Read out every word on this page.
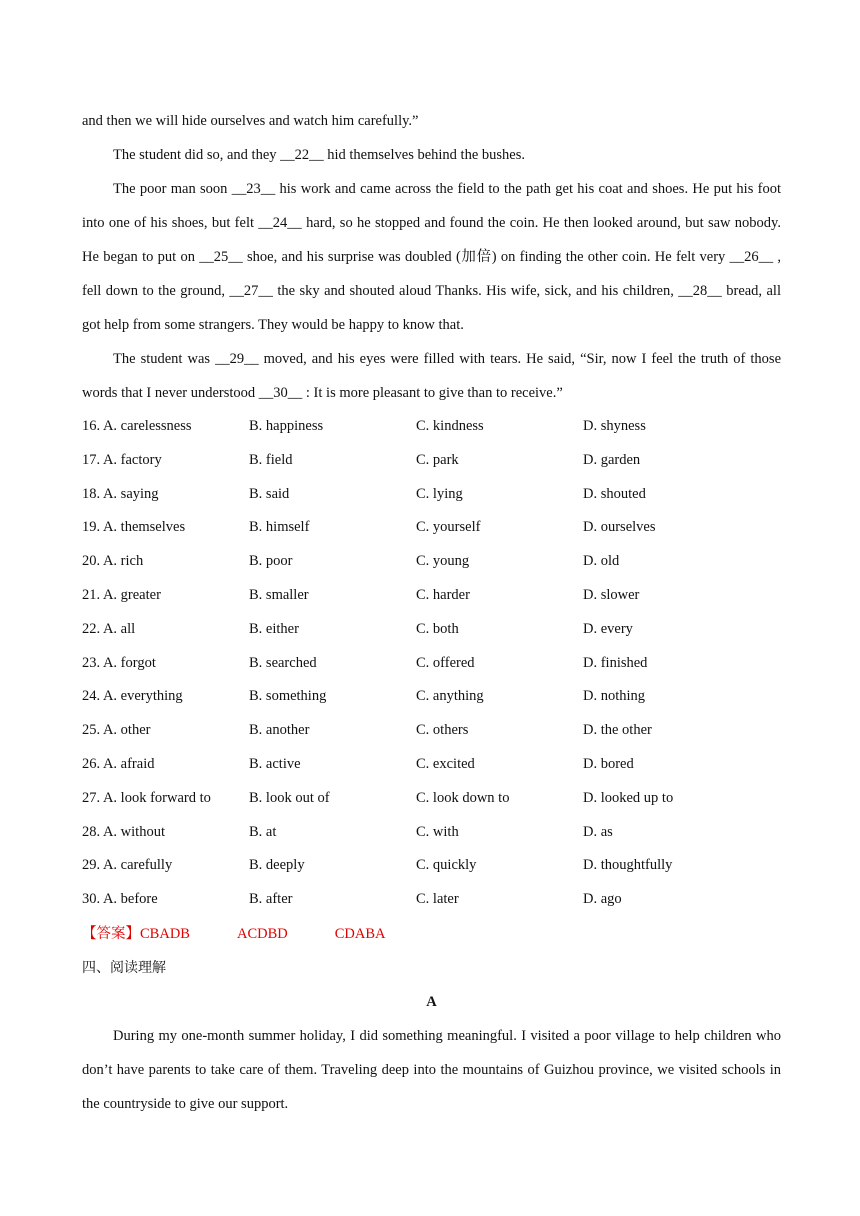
and then we will hide ourselves and watch him carefully.”

The student did so, and they __22__ hid themselves behind the bushes.

The poor man soon __23__ his work and came across the field to the path get his coat and shoes. He put his foot into one of his shoes, but felt __24__ hard, so he stopped and found the coin. He then looked around, but saw nobody. He began to put on __25__ shoe, and his surprise was doubled (加倍) on finding the other coin. He felt very __26__ , fell down to the ground, __27__ the sky and shouted aloud Thanks. His wife, sick, and his children, __28__ bread, all got help from some strangers. They would be happy to know that.

The student was __29__ moved, and his eyes were filled with tears. He said, “Sir, now I feel the truth of those words that I never understood __30__ : It is more pleasant to give than to receive.”

16. A. carelessness	B. happiness	C. kindness	D. shyness
17. A. factory	B. field	C. park	D. garden
18. A. saying	B. said	C. lying	D. shouted
19. A. themselves	B. himself	C. yourself	D. ourselves
20. A. rich	B. poor	C. young	D. old
21. A. greater	B. smaller	C. harder	D. slower
22. A. all	B. either	C. both	D. every
23. A. forgot	B. searched	C. offered	D. finished
24. A. everything	B. something	C. anything	D. nothing
25. A. other	B. another	C. others	D. the other
26. A. afraid	B. active	C. excited	D. bored
27. A. look forward to	B. look out of	C. look down to	D. looked up to
28. A. without	B. at	C. with	D. as
29. A. carefully	B. deeply	C. quickly	D. thoughtfully
30. A. before	B. after	C. later	D. ago
【答案】 CBADB	ACDBD	CDABA
四、阅读理解
A

During my one-month summer holiday, I did something meaningful. I visited a poor village to help children who don’t have parents to take care of them. Traveling deep into the mountains of Guizhou province, we visited schools in the countryside to give our support.
